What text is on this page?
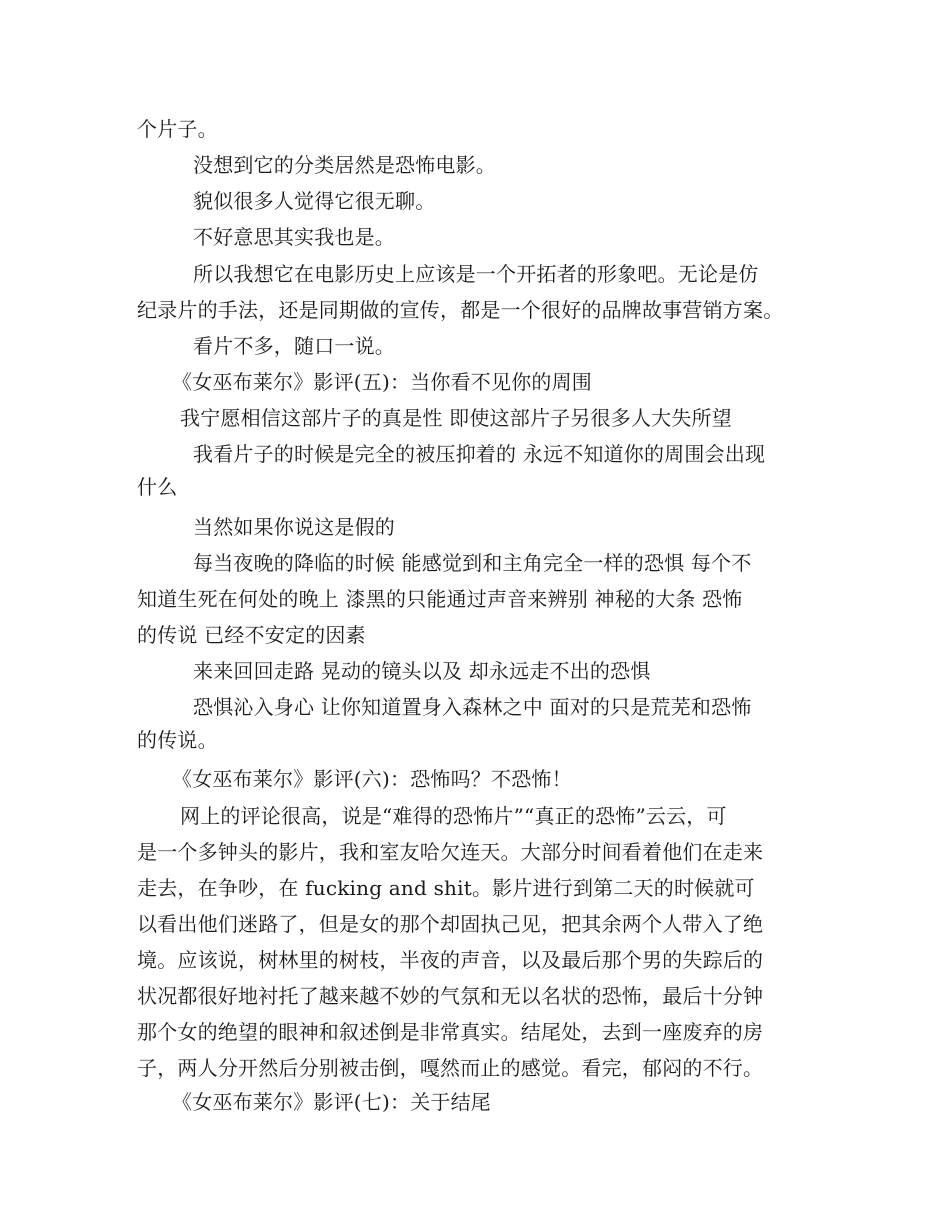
个片子。
没想到它的分类居然是恐怖电影。
貌似很多人觉得它很无聊。
不好意思其实我也是。
所以我想它在电影历史上应该是一个开拓者的形象吧。无论是仿
纪录片的手法，还是同期做的宣传，都是一个很好的品牌故事营销方案。
看片不多，随口一说。
《女巫布莱尔》影评(五)：当你看不见你的周围
我宁愿相信这部片子的真是性 即使这部片子另很多人大失所望
我看片子的时候是完全的被压抑着的 永远不知道你的周围会出现
什么
当然如果你说这是假的
每当夜晚的降临的时候 能感觉到和主角完全一样的恐惧 每个不
知道生死在何处的晚上 漆黑的只能通过声音来辨别 神秘的大条 恐怖
的传说 已经不安定的因素
来来回回走路 晃动的镜头以及 却永远走不出的恐惧
恐惧沁入身心 让你知道置身入森林之中 面对的只是荒芜和恐怖
的传说。
《女巫布莱尔》影评(六)：恐怖吗？不恐怖！
网上的评论很高，说是“难得的恐怖片”“真正的恐怖”云云，可
是一个多钟头的影片，我和室友哈欠连天。大部分时间看着他们在走来
走去，在争吵，在 fucking and shit。影片进行到第二天的时候就可
以看出他们迷路了，但是女的那个却固执己见，把其余两个人带入了绝
境。应该说，树林里的树枝，半夜的声音，以及最后那个男的失踪后的
状况都很好地衬托了越来越不妙的气氛和无以名状的恐怖，最后十分钟
那个女的绝望的眼神和叙述倒是非常真实。结尾处，去到一座废弃的房
子，两人分开然后分别被击倒，嘎然而止的感觉。看完，郁闷的不行。
《女巫布莱尔》影评(七)：关于结尾
